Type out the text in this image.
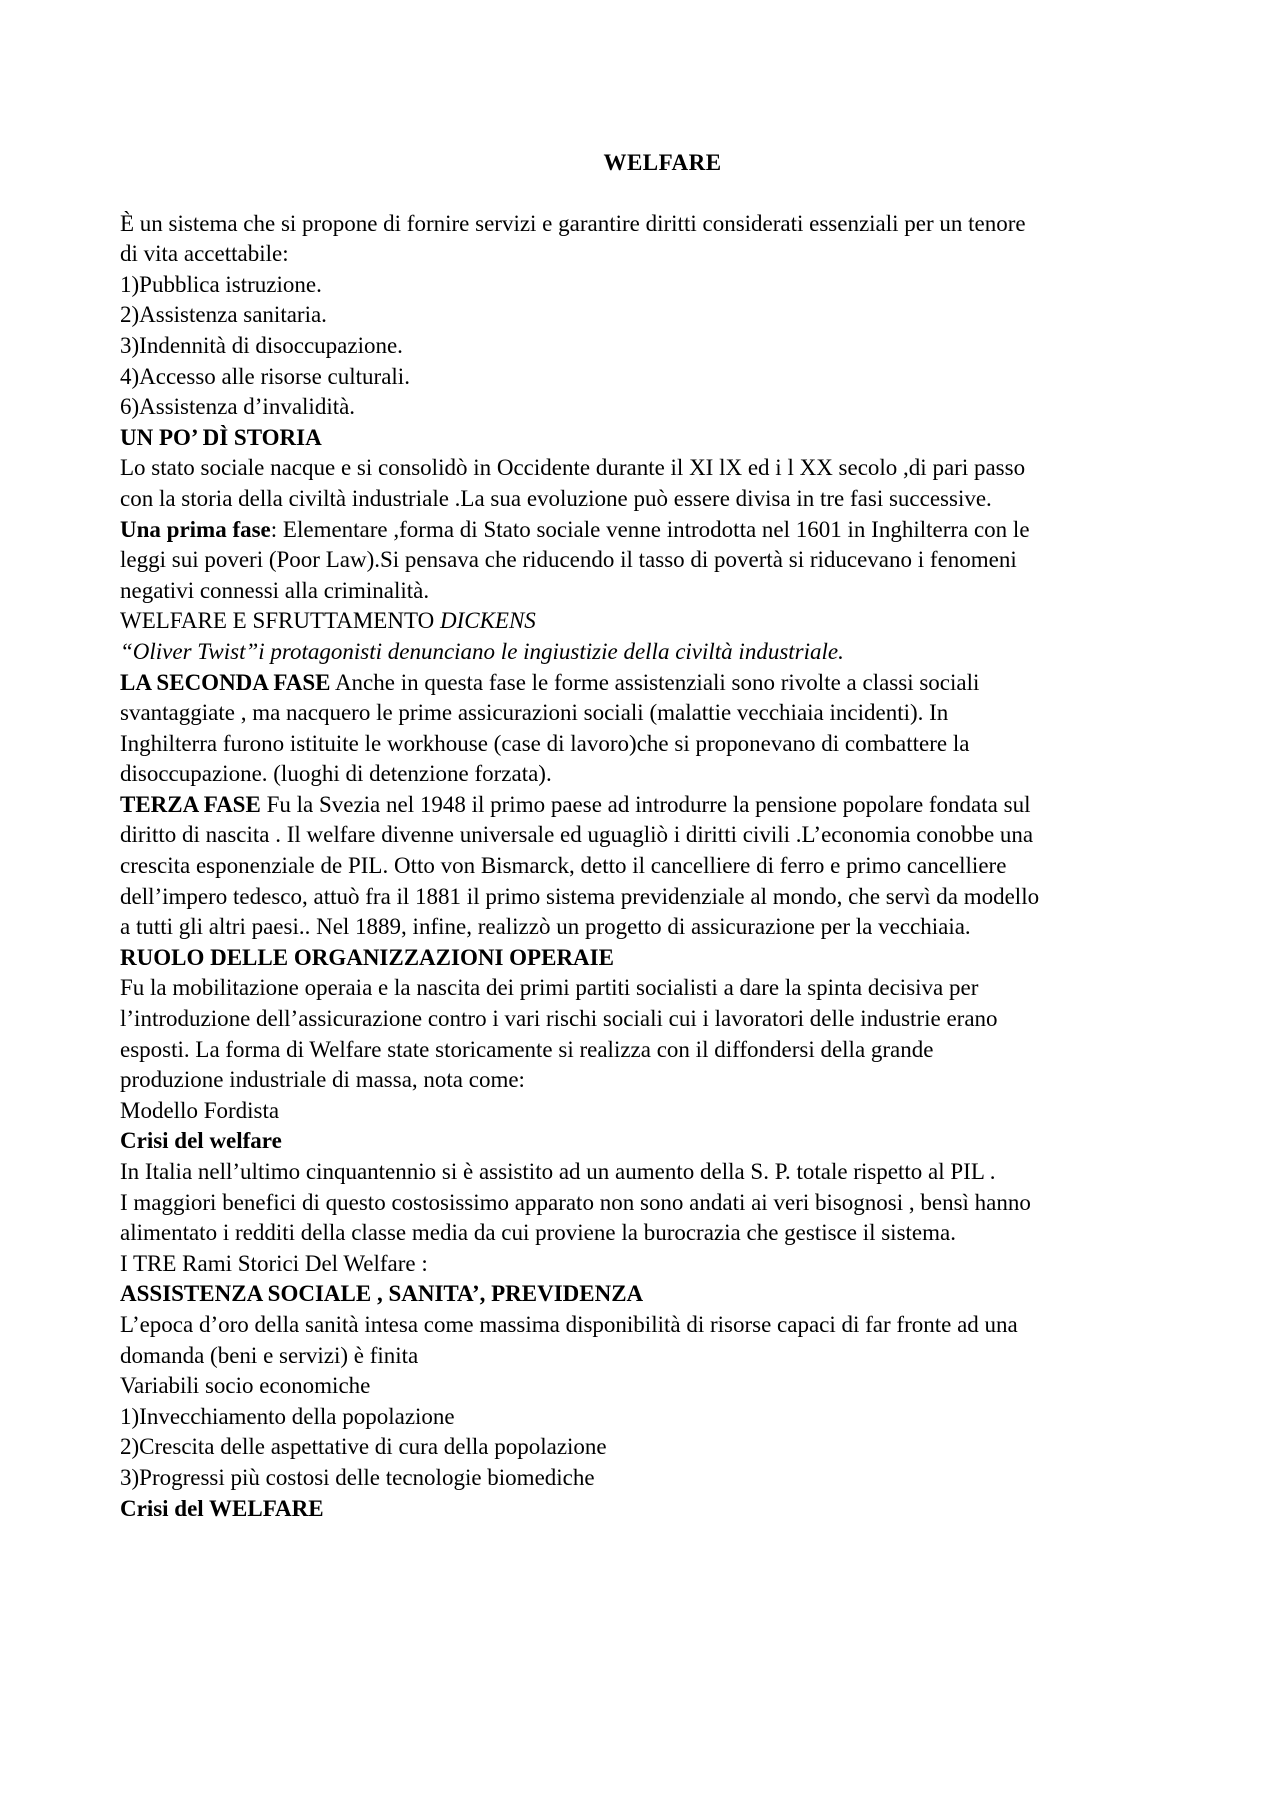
WELFARE

È un sistema che si propone di fornire servizi e garantire diritti considerati essenziali per un tenore

di vita accettabile:

1)Pubblica istruzione.

2)Assistenza sanitaria.

3)Indennità di disoccupazione.

4)Accesso alle risorse culturali.

6)Assistenza d’invalidità.

UN PO’ DÌ STORIA

Lo stato sociale nacque e si consolidò in Occidente durante il XI lX ed i l XX secolo ,di pari passo

con la storia della civiltà industriale .La sua evoluzione può essere divisa in tre fasi successive.

Una prima fase: Elementare ,forma di Stato sociale venne introdotta nel 1601 in Inghilterra con le

leggi sui poveri (Poor Law).Si pensava che riducendo il tasso di povertà si riducevano i fenomeni

negativi connessi alla criminalità.

WELFARE E SFRUTTAMENTO DICKENS

“Oliver Twist”i protagonisti denunciano le ingiustizie della civiltà industriale.

LA SECONDA FASE Anche in questa fase le forme assistenziali sono rivolte a classi sociali

svantaggiate , ma nacquero le prime assicurazioni sociali (malattie vecchiaia incidenti). In

Inghilterra furono istituite le workhouse (case di lavoro)che si proponevano di combattere la

disoccupazione. (luoghi di detenzione forzata).

TERZA FASE Fu la Svezia nel 1948 il primo paese ad introdurre la pensione popolare fondata sul

diritto di nascita . Il welfare divenne universale ed uguagliò i diritti civili .L’economia conobbe una

crescita esponenziale de PIL. Otto von Bismarck, detto il cancelliere di ferro e primo cancelliere

dell’impero tedesco, attuò fra il 1881 il primo sistema previdenziale al mondo, che servì da modello

a tutti gli altri paesi.. Nel 1889, infine, realizzò un progetto di assicurazione per la vecchiaia.

RUOLO DELLE ORGANIZZAZIONI OPERAIE

Fu la mobilitazione operaia e la nascita dei primi partiti socialisti a dare la spinta decisiva per

l’introduzione dell’assicurazione contro i vari rischi sociali cui i lavoratori delle industrie erano

esposti. La forma di Welfare state storicamente si realizza con il diffondersi della grande

produzione industriale di massa, nota come:

Modello Fordista

Crisi del welfare

In Italia nell’ultimo cinquantennio si è assistito ad un aumento della S. P. totale rispetto al PIL .

I maggiori benefici di questo costosissimo apparato non sono andati ai veri bisognosi , bensì hanno

alimentato i redditi della classe media da cui proviene la burocrazia che gestisce il sistema.

I TRE Rami Storici Del Welfare :

ASSISTENZA SOCIALE , SANITA’, PREVIDENZA

L’epoca d’oro della sanità intesa come massima disponibilità di risorse capaci di far fronte ad una

domanda (beni e servizi) è finita

Variabili socio economiche

1)Invecchiamento della popolazione

2)Crescita delle aspettative di cura della popolazione

3)Progressi più costosi delle tecnologie biomediche

Crisi del WELFARE
